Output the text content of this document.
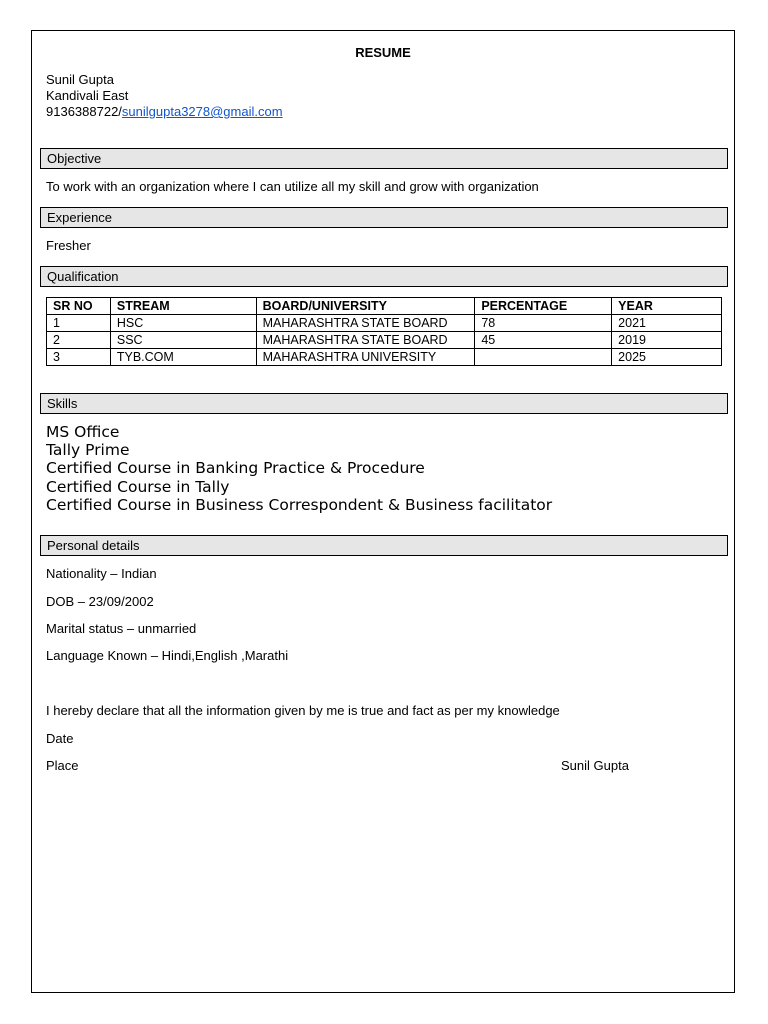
RESUME
Sunil Gupta
Kandivali East
9136388722/sunilgupta3278@gmail.com
Objective
To work with an organization where I can utilize all my skill and grow with organization
Experience
Fresher
Qualification
SR NO	STREAM	BOARD/UNIVERSITY	PERCENTAGE	YEAR
1	HSC	MAHARASHTRA STATE BOARD	78	2021
2	SSC	MAHARASHTRA STATE BOARD	45	2019
3	TYB.COM	MAHARASHTRA UNIVERSITY		2025
Skills
MS Office
Tally Prime
Certified Course in Banking Practice & Procedure
Certified Course in Tally
Certified Course in Business Correspondent & Business facilitator
Personal details
Nationality – Indian
DOB – 23/09/2002
Marital status – unmarried
Language Known – Hindi,English ,Marathi
I hereby declare that all the information given by me is true and fact as per my knowledge
Date
Place	Sunil Gupta
